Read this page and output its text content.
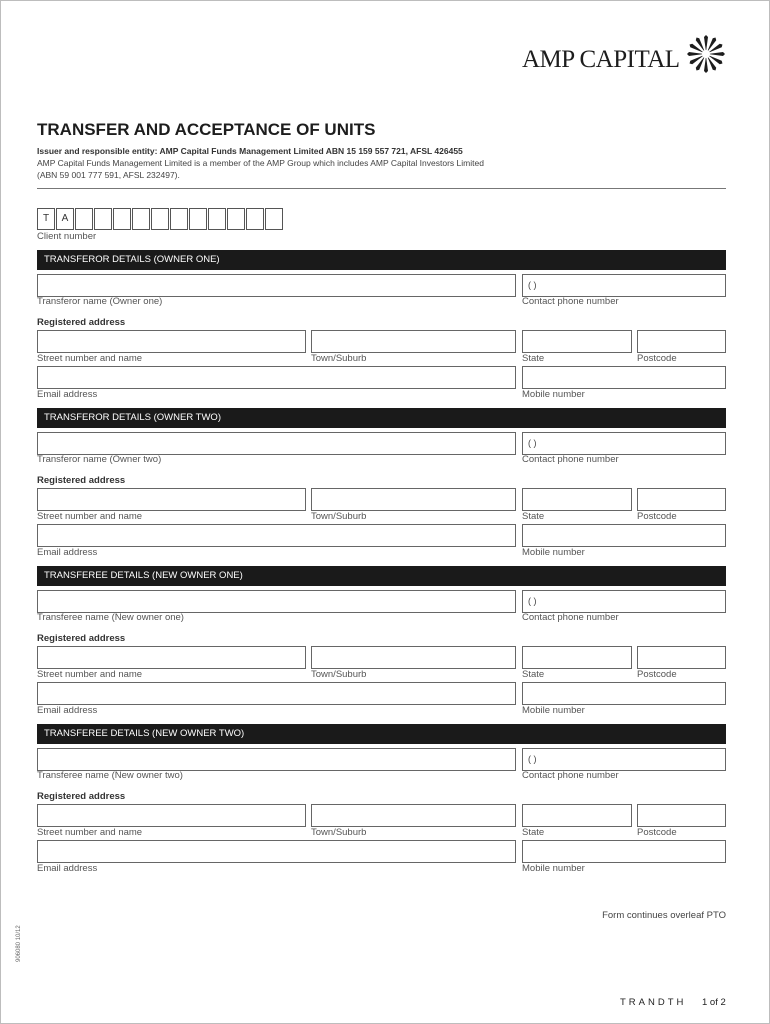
AMP CAPITAL
TRANSFER AND ACCEPTANCE OF UNITS
Issuer and responsible entity: AMP Capital Funds Management Limited ABN 15 159 557 721, AFSL 426455
AMP Capital Funds Management Limited is a member of the AMP Group which includes AMP Capital Investors Limited
(ABN 59 001 777 591, AFSL 232497).
T	A
Client number
TRANSFEROR DETAILS (OWNER ONE)
( )
Transferor name (Owner one)	Contact phone number
Registered address
Street number and name	Town/Suburb	State	Postcode
Email address	Mobile number
TRANSFEROR DETAILS (OWNER TWO)
( )
Transferor name (Owner two)	Contact phone number
Registered address
Street number and name	Town/Suburb	State	Postcode
Email address	Mobile number
TRANSFEREE DETAILS (NEW OWNER ONE)
( )
Transferee name (New owner one)	Contact phone number
Registered address
Street number and name	Town/Suburb	State	Postcode
Email address	Mobile number
TRANSFEREE DETAILS (NEW OWNER TWO)
( )
Transferee name (New owner two)	Contact phone number
Registered address
Street number and name	Town/Suburb	State	Postcode
Email address	Mobile number
906080 10/12
Form continues overleaf PTO
TRANDTH 1 of 2
